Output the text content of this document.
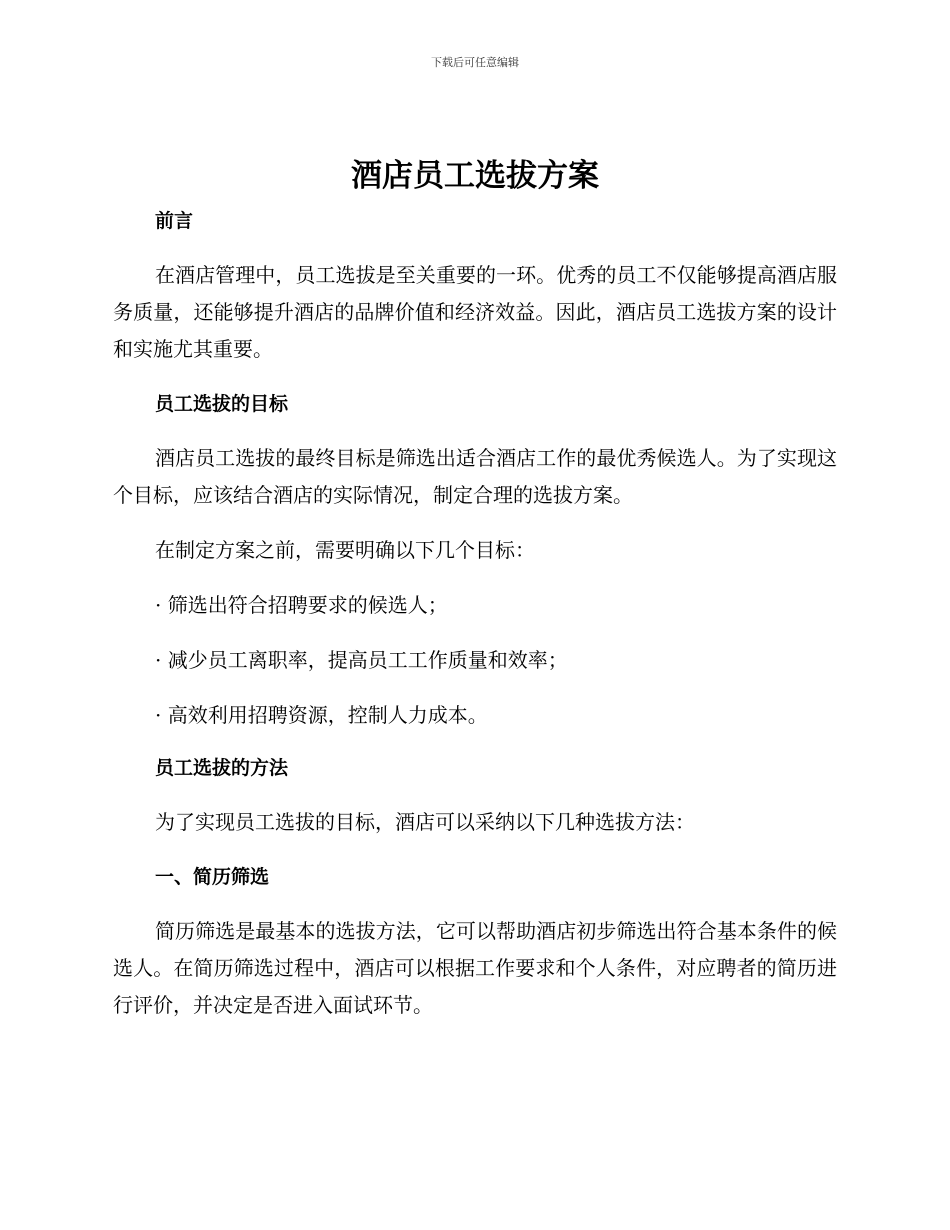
下载后可任意编辑
酒店员工选拔方案
前言

在酒店管理中，员工选拔是至关重要的一环。优秀的员工不仅能够提高酒店服务质量，还能够提升酒店的品牌价值和经济效益。因此，酒店员工选拔方案的设计和实施尤其重要。

员工选拔的目标

酒店员工选拔的最终目标是筛选出适合酒店工作的最优秀候选人。为了实现这个目标，应该结合酒店的实际情况，制定合理的选拔方案。

在制定方案之前，需要明确以下几个目标：

· 筛选出符合招聘要求的候选人；
· 减少员工离职率，提高员工工作质量和效率；
· 高效利用招聘资源，控制人力成本。
员工选拔的方法

为了实现员工选拔的目标，酒店可以采纳以下几种选拔方法：

一、简历筛选

简历筛选是最基本的选拔方法，它可以帮助酒店初步筛选出符合基本条件的候选人。在简历筛选过程中，酒店可以根据工作要求和个人条件，对应聘者的简历进行评价，并决定是否进入面试环节。
